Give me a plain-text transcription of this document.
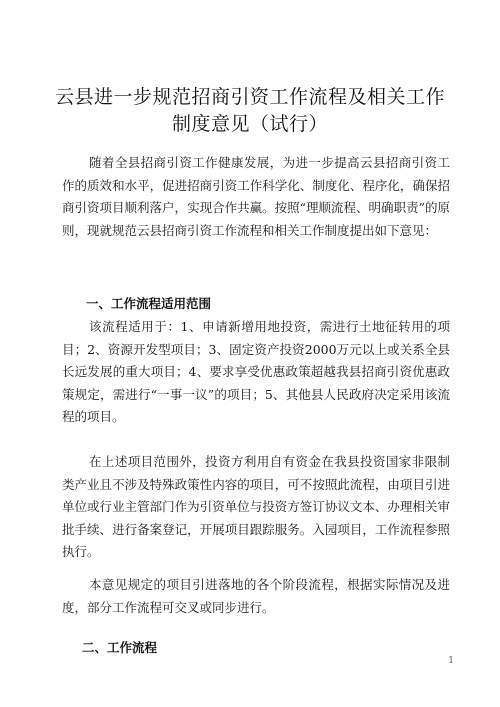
云县进一步规范招商引资工作流程及相关工作
制度意见（试行）

随着全县招商引资工作健康发展，为进一步提高云县招商引资工作的质效和水平，促进招商引资工作科学化、制度化、程序化，确保招商引资项目顺利落户，实现合作共赢。按照“理顺流程、明确职责”的原则，现就规范云县招商引资工作流程和相关工作制度提出如下意见：

一、工作流程适用范围

该流程适用于：1、申请新增用地投资，需进行土地征转用的项目；2、资源开发型项目；3、固定资产投资2000万元以上或关系全县长远发展的重大项目；4、要求享受优惠政策超越我县招商引资优惠政策规定，需进行“一事一议”的项目；5、其他县人民政府决定采用该流程的项目。

在上述项目范围外，投资方利用自有资金在我县投资国家非限制类产业且不涉及特殊政策性内容的项目，可不按照此流程，由项目引进单位或行业主管部门作为引资单位与投资方签订协议文本、办理相关审批手续、进行备案登记，开展项目跟踪服务。入园项目，工作流程参照执行。

本意见规定的项目引进落地的各个阶段流程，根据实际情况及进度，部分工作流程可交叉或同步进行。

二、工作流程
1
